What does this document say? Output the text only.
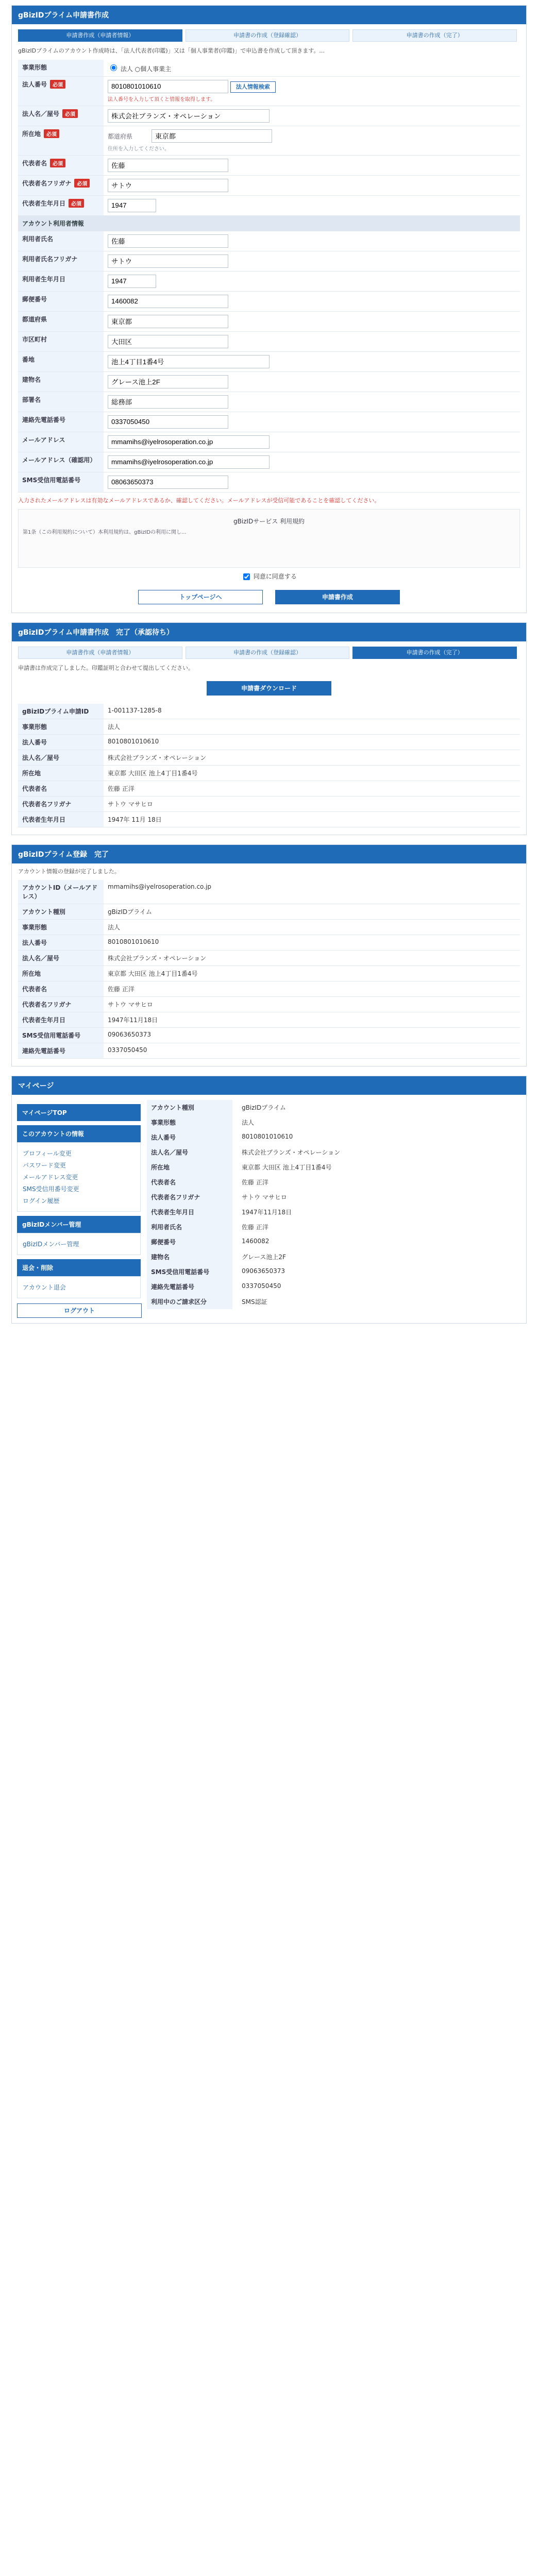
gBizIDプライム申請書作成
申請書作成（申請者情報）	申請書の作成（登録確認）	申請書の作成（完了）
gBizIDプライムのアカウント作成時は、「法人代表者(印鑑)」又は「個人事業者(印鑑)」で申込書を作成して頂きます。...
事業形態	法人 ○個人事業主
法人番号 必須	8010801010610法人情報検索
法人番号を入力して頂くと情報を取得します。

法人名／屋号 必須	株式会社ブランズ・オペレーション
所在地 必須	都道府県東京都
住所を入力してください。

代表者名 必須	佐藤
代表者名フリガナ 必須	サトウ
代表者生年月日 必須	1947
アカウント利用者情報	
利用者氏名	佐藤
利用者氏名フリガナ	サトウ
利用者生年月日	1947
郵便番号	1460082
都道府県	東京都
市区町村	大田区
番地	池上4丁目1番4号
建物名	グレース池上2F
部署名	総務部
連絡先電話番号	0337050450
メールアドレス	mmamihs@iyelrosoperation.co.jp
メールアドレス（確認用）	mmamihs@iyelrosoperation.co.jp
SMS受信用電話番号	08063650373
入力されたメールアドレスは有効なメールアドレスであるか、確認してください。メールアドレスが受信可能であることを確認してください。
gBizIDサービス 利用規約
第1条（この利用規約について）本利用規約は、gBizIDの利用に関し...
同意に同意する
トップページへ	申請書作成
gBizIDプライム申請書作成　完了（承認待ち）
申請書作成（申請者情報）	申請書の作成（登録確認）	申請書の作成（完了）
申請書は作成完了しました。印鑑証明と合わせて提出してください。
申請書ダウンロード
gBizIDプライム申請ID	1-001137-1285-8
事業形態	法人
法人番号	8010801010610
法人名／屋号	株式会社ブランズ・オペレーション
所在地	東京都 大田区 池上4丁目1番4号
代表者名	佐藤 正洋
代表者名フリガナ	サトウ マサヒロ
代表者生年月日	1947年 11月 18日
gBizIDプライム登録　完了
アカウント情報の登録が完了しました。
アカウントID（メールアドレス）	mmamihs@iyelrosoperation.co.jp
アカウント種別	gBizIDプライム
事業形態	法人
法人番号	8010801010610
法人名／屋号	株式会社ブランズ・オペレーション
所在地	東京都 大田区 池上4丁目1番4号
代表者名	佐藤 正洋
代表者名フリガナ	サトウ マサヒロ
代表者生年月日	1947年11月18日
SMS受信用電話番号	09063650373
連絡先電話番号	0337050450
マイページ
マイページTOP
このアカウントの情報
プロフィール変更
パスワード変更
メールアドレス変更
SMS受信用番号変更
ログイン履歴
gBizIDメンバー管理
gBizIDメンバー管理
退会・削除
アカウント退会
ログアウト
アカウント種別	gBizIDプライム
事業形態	法人
法人番号	8010801010610
法人名／屋号	株式会社ブランズ・オペレーション
所在地	東京都 大田区 池上4丁目1番4号
代表者名	佐藤 正洋
代表者名フリガナ	サトウ マサヒロ
代表者生年月日	1947年11月18日
利用者氏名	佐藤 正洋
郵便番号	1460082
建物名	グレース池上2F
SMS受信用電話番号	09063650373
連絡先電話番号	0337050450
利用中のご請求区分	SMS認証
